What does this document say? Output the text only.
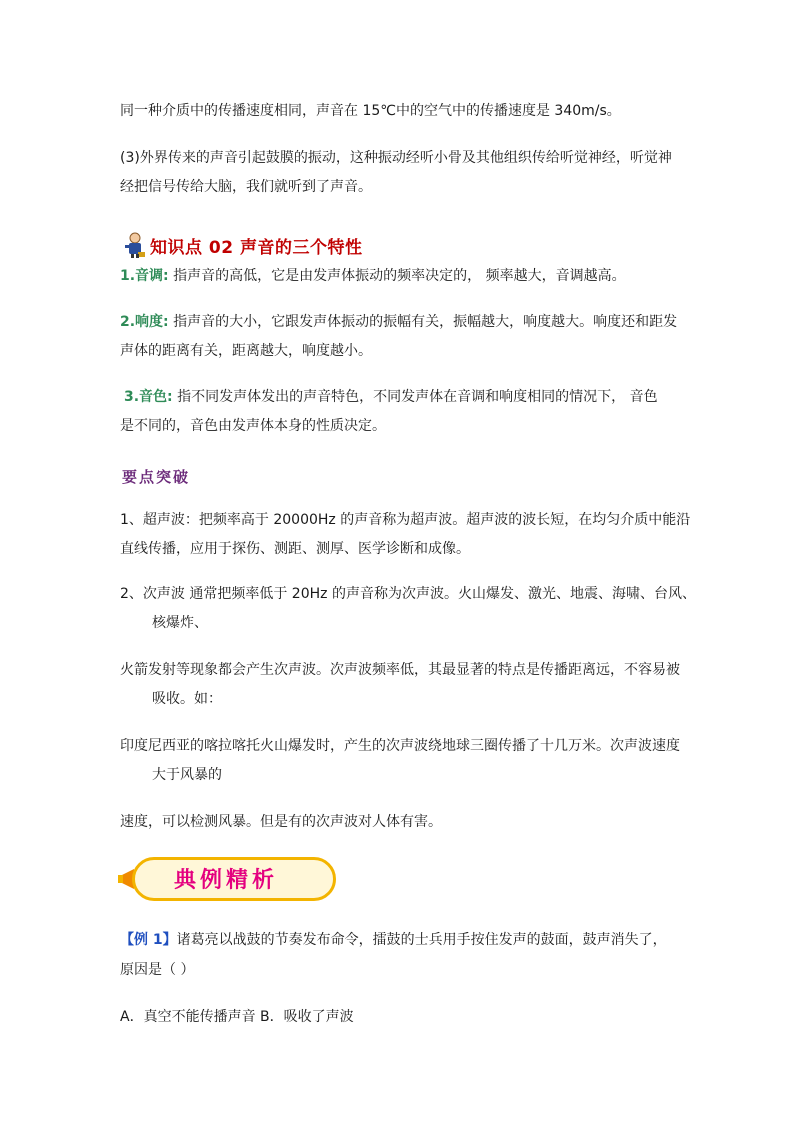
同一种介质中的传播速度相同，声音在 15℃中的空气中的传播速度是 340m/s。
(3)外界传来的声音引起鼓膜的振动，这种振动经听小骨及其他组织传给听觉神经，听觉神
经把信号传给大脑，我们就听到了声音。
知识点 02 声音的三个特性
1.音调: 指声音的高低，它是由发声体振动的频率决定的， 频率越大，音调越高。
2.响度: 指声音的大小，它跟发声体振动的振幅有关，振幅越大，响度越大。响度还和距发
声体的距离有关，距离越大，响度越小。
3.音色: 指不同发声体发出的声音特色，不同发声体在音调和响度相同的情况下， 音色
是不同的，音色由发声体本身的性质决定。
要点突破
1、超声波：把频率高于 20000Hz 的声音称为超声波。超声波的波长短，在均匀介质中能沿
直线传播，应用于探伤、测距、测厚、医学诊断和成像。
2、次声波 通常把频率低于 20Hz 的声音称为次声波。火山爆发、激光、地震、海啸、台风、
核爆炸、
火箭发射等现象都会产生次声波。次声波频率低，其最显著的特点是传播距离远，不容易被
吸收。如：
印度尼西亚的喀拉喀托火山爆发时，产生的次声波绕地球三圈传播了十几万米。次声波速度
大于风暴的
速度，可以检测风暴。但是有的次声波对人体有害。
典例精析
【例 1】诸葛亮以战鼓的节奏发布命令，擂鼓的士兵用手按住发声的鼓面，鼓声消失了，
原因是（ ）
A．真空不能传播声音 B．吸收了声波
